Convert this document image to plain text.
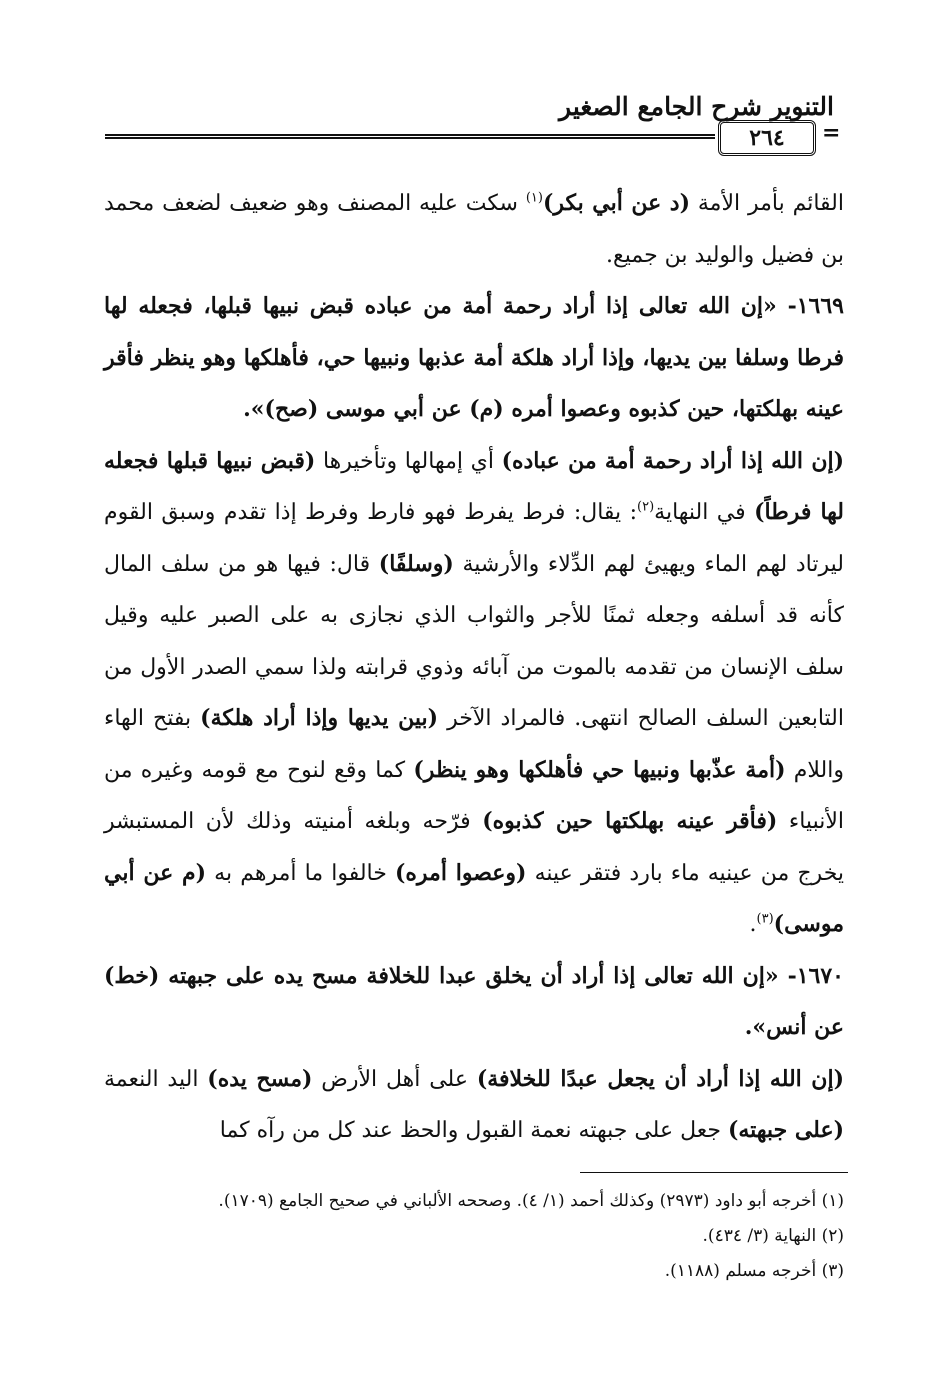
التنوير شرح الجامع الصغير
٢٦٤	=

القائم بأمر الأمة (د عن أبي بكر)$^{(١)}$ سكت عليه المصنف وهو ضعيف لضعف محمد بن فضيل والوليد بن جميع.

١٦٦٩- «إن الله تعالى إذا أراد رحمة أمة من عباده قبض نبيها قبلها، فجعله لها فرطا وسلفا بين يديها، وإذا أراد هلكة أمة عذبها ونبيها حي، فأهلكها وهو ينظر فأقر عينه بهلكتها، حين كذبوه وعصوا أمره (م) عن أبي موسى (صح)».

(إن الله إذا أراد رحمة أمة من عباده) أي إمهالها وتأخيرها (قبض نبيها قبلها فجعله لها فرطاً) في النهاية$^{(٢)}$: يقال: فرط يفرط فهو فارط وفرط إذا تقدم وسبق القوم ليرتاد لهم الماء ويهيئ لهم الدِّلاء والأرشية (وسلفًا) قال: فيها هو من سلف المال كأنه قد أسلفه وجعله ثمنًا للأجر والثواب الذي نجازى به على الصبر عليه وقيل سلف الإنسان من تقدمه بالموت من آبائه وذوي قرابته ولذا سمي الصدر الأول من التابعين السلف الصالح انتهى. فالمراد الآخر (بين يديها وإذا أراد هلكة) بفتح الهاء واللام (أمة عذّبها ونبيها حي فأهلكها وهو ينظر) كما وقع لنوح مع قومه وغيره من الأنبياء (فأقر عينه بهلكتها حين كذبوه) فرّحه وبلغه أمنيته وذلك لأن المستبشر يخرج من عينيه ماء بارد فتقر عينه (وعصوا أمره) خالفوا ما أمرهم به (م عن أبي موسى)$^{(٣)}$.

١٦٧٠- «إن الله تعالى إذا أراد أن يخلق عبدا للخلافة مسح يده على جبهته (خط) عن أنس».

(إن الله إذا أراد أن يجعل عبدًا للخلافة) على أهل الأرض (مسح يده) اليد النعمة (على جبهته) جعل على جبهته نعمة القبول والحظ عند كل من رآه كما

(١) أخرجه أبو داود (٢٩٧٣) وكذلك أحمد (١/ ٤). وصححه الألباني في صحيح الجامع (١٧٠٩).
(٢) النهاية (٣/ ٤٣٤).
(٣) أخرجه مسلم (١١٨٨).
